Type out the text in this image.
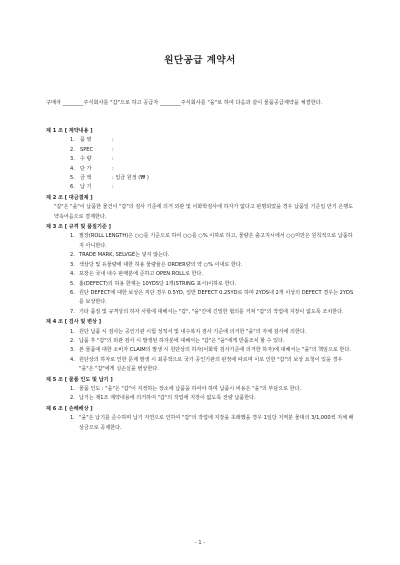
원단공급 계약서
구매자 ________주식회사를 "갑"으로 하고 공급자 ________주식회사를 "을"로 하여 다음과 같이 물품공급계약을 체결한다.
제 1 조 [ 계약내용 ]
1.	품 명	:
2.	SPEC	:
3.	수 량	:
4.	단 가	:
5.	금 액	: 일금 원정 (₩ )
6.	납 기	:
제 2 조 [ 대금결제 ]
"갑"은 "을"이 납품한 물건이 "갑"의 검사 기준에 의거 외관 및 이화학검사에 하자가 없다고 판명되었을 경우 납품일 기준일 만기 은행도 약속어음으로 결제한다.
제 3 조 [ 규격 및 품질기준 ]
1. 필장(ROLL LENGTH)은 ○○를 기준으로 하여 ○○를 ○% 이하로 하고, 물량은 출고지시에서 ○○미만은 원칙적으로 납품하지 아니한다.
2. TRADE MARK, SELVGE는 넣지 않는다.
3. 색상당 및 유물량에 대한 허용 물량율은 ORDER량의 약 ○% 이내로 한다.
4. 포장은 국내 내수 판매분에 준하고 OPEN ROLL로 한다.
5. 홈(DEFECT)의 허용 한계는 10YDS당 1개(STRING 표시)이하로 한다.
6. 원단 DEFECT에 대한 보상은 직단 경우 0.5YD, 일반 DEFECT 0.25YD로 하며 2YDS내 2개 이상의 DEFECT 경우는 2YDS를 보상한다.
7. 기타 품질 및 규격상의 하자 사항에 대해서는 "갑", "을"간에 긴밀한 협의를 거쳐 "갑"의 작업에 지장이 없도록 조치한다.
제 4 조 [ 검사 및 변상 ]
1. 원단 납품 시 검사는 공인기관 시험 성적서 및 내수복지 검사 기준에 의거한 "을"의 자체 검사에 의한다.
2. 납품 후 "갑"의 외관 검사 시 발생된 하자분에 대해서는 "갑"은 "을"에게 반품조치 할 수 있다.
3. 본 물품에 대한 소비자 CLAIM의 발생 시 원단상의 하자(이화학 검사기준에 의거한 하자)에 대해서는 "을"의 책임으로 한다.
4. 원단상의 하자로 인한 문제 발생 시 최종적으로 국가 공인기관의 판정에 따르며 이로 인한 "갑"의 보상 요청이 있을 경우 "을"은 "갑"에게 실손실을 변상한다.
제 5 조 [ 물품 인도 및 납기 ]
1. 물품 인도 : "을"은 "갑"이 지정하는 장소에 납품을 하여야 하며 납품시 비용은 "을"의 부담으로 한다.
2. 납기는 제1조 계약내용에 의거하여 "갑"의 작업에 지장이 없도록 전량 납품한다.
제 6 조 [ 손해배상 ]
1. "을"은 납기를 준수하며 납기 지연으로 인하여 "갑"의 작업에 지장을 초래했을 경우 1일당 지역분 물대의 3/1,000씩 지체 배상금으로 공제한다.
- 1 -
